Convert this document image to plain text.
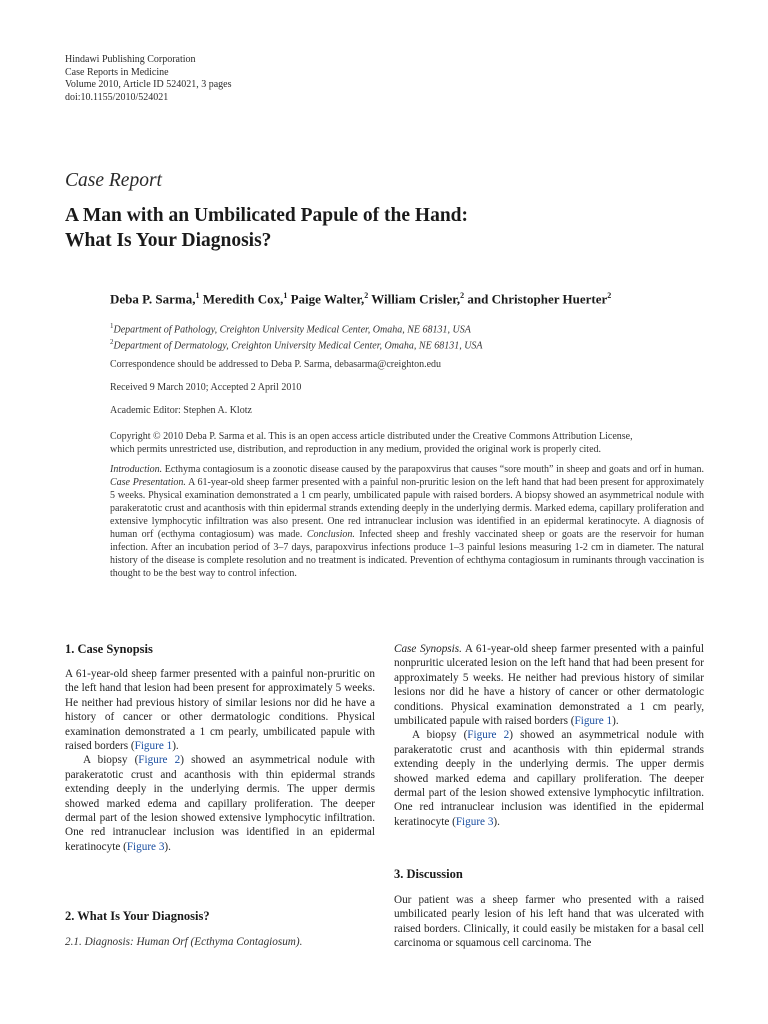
Hindawi Publishing Corporation
Case Reports in Medicine
Volume 2010, Article ID 524021, 3 pages
doi:10.1155/2010/524021
Case Report
A Man with an Umbilicated Papule of the Hand:
What Is Your Diagnosis?
Deba P. Sarma,$^1$ Meredith Cox,$^1$ Paige Walter,$^2$ William Crisler,$^2$ and Christopher Huerter$^2$
$^1$Department of Pathology, Creighton University Medical Center, Omaha, NE 68131, USA
$^2$Department of Dermatology, Creighton University Medical Center, Omaha, NE 68131, USA
Correspondence should be addressed to Deba P. Sarma, debasarma@creighton.edu
Received 9 March 2010; Accepted 2 April 2010
Academic Editor: Stephen A. Klotz
Copyright © 2010 Deba P. Sarma et al. This is an open access article distributed under the Creative Commons Attribution License,
which permits unrestricted use, distribution, and reproduction in any medium, provided the original work is properly cited.
Introduction. Ecthyma contagiosum is a zoonotic disease caused by the parapoxvirus that causes “sore mouth” in sheep and goats and orf in human. Case Presentation. A 61-year-old sheep farmer presented with a painful non-pruritic lesion on the left hand that had been present for approximately 5 weeks. Physical examination demonstrated a 1 cm pearly, umbilicated papule with raised borders. A biopsy showed an asymmetrical nodule with parakeratotic crust and acanthosis with thin epidermal strands extending deeply in the underlying dermis. Marked edema, capillary proliferation and extensive lymphocytic infiltration was also present. One red intranuclear inclusion was identified in an epidermal keratinocyte. A diagnosis of human orf (ecthyma contagiosum) was made. Conclusion. Infected sheep and freshly vaccinated sheep or goats are the reservoir for human infection. After an incubation period of 3–7 days, parapoxvirus infections produce 1–3 painful lesions measuring 1-2 cm in diameter. The natural history of the disease is complete resolution and no treatment is indicated. Prevention of echthyma contagiosum in ruminants through vaccination is thought to be the best way to control infection.
1. Case Synopsis

A 61-year-old sheep farmer presented with a painful non-pruritic on the left hand that lesion had been present for approximately 5 weeks. He neither had previous history of similar lesions nor did he have a history of cancer or other dermatologic conditions. Physical examination demonstrated a 1 cm pearly, umbilicated papule with raised borders (Figure 1).

A biopsy (Figure 2) showed an asymmetrical nodule with parakeratotic crust and acanthosis with thin epidermal strands extending deeply in the underlying dermis. The upper dermis showed marked edema and capillary proliferation. The deeper dermal part of the lesion showed extensive lymphocytic infiltration. One red intranuclear inclusion was identified in an epidermal keratinocyte (Figure 3).

2. What Is Your Diagnosis?
2.1. Diagnosis: Human Orf (Ecthyma Contagiosum).

Case Synopsis. A 61-year-old sheep farmer presented with a painful nonpruritic ulcerated lesion on the left hand that had been present for approximately 5 weeks. He neither had previous history of similar lesions nor did he have a history of cancer or other dermatologic conditions. Physical examination demonstrated a 1 cm pearly, umbilicated papule with raised borders (Figure 1).

A biopsy (Figure 2) showed an asymmetrical nodule with parakeratotic crust and acanthosis with thin epidermal strands extending deeply in the underlying dermis. The upper dermis showed marked edema and capillary proliferation. The deeper dermal part of the lesion showed extensive lymphocytic infiltration. One red intranuclear inclusion was identified in the epidermal keratinocyte (Figure 3).

3. Discussion

Our patient was a sheep farmer who presented with a raised umbilicated pearly lesion of his left hand that was ulcerated with raised borders. Clinically, it could easily be mistaken for a basal cell carcinoma or squamous cell carcinoma. The
